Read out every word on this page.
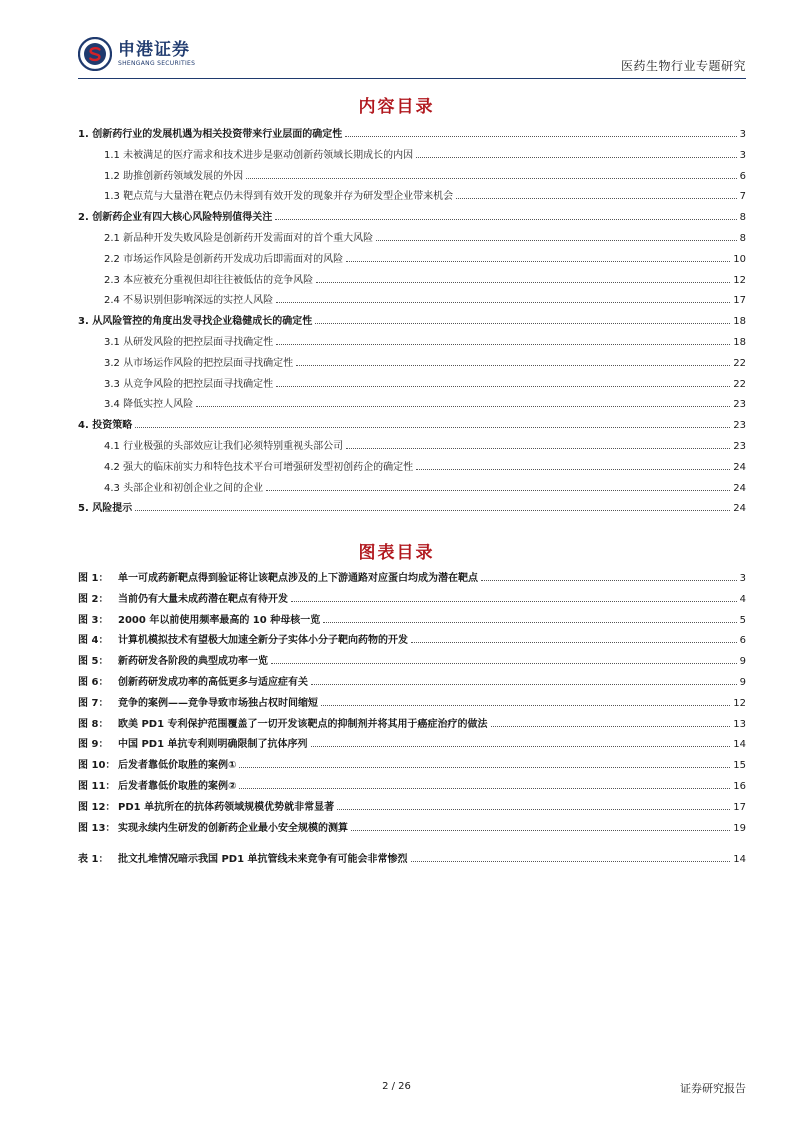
申港证券
SHENGANG SECURITIES	医药生物行业专题研究
内容目录
1. 创新药行业的发展机遇为相关投资带来行业层面的确定性	3
1.1 未被满足的医疗需求和技术进步是驱动创新药领域长期成长的内因	3
1.2 助推创新药领域发展的外因	6
1.3 靶点荒与大量潜在靶点仍未得到有效开发的现象并存为研发型企业带来机会	7
2. 创新药企业有四大核心风险特别值得关注	8
2.1 新品种开发失败风险是创新药开发需面对的首个重大风险	8
2.2 市场运作风险是创新药开发成功后即需面对的风险	10
2.3 本应被充分重视但却往往被低估的竞争风险	12
2.4 不易识别但影响深远的实控人风险	17
3. 从风险管控的角度出发寻找企业稳健成长的确定性	18
3.1 从研发风险的把控层面寻找确定性	18
3.2 从市场运作风险的把控层面寻找确定性	22
3.3 从竞争风险的把控层面寻找确定性	22
3.4 降低实控人风险	23
4. 投资策略	23
4.1 行业极强的头部效应让我们必须特别重视头部公司	23
4.2 强大的临床前实力和特色技术平台可增强研发型初创药企的确定性	24
4.3 头部企业和初创企业之间的企业	24
5. 风险提示	24
图表目录
图 1： 单一可成药新靶点得到验证将让该靶点涉及的上下游通路对应蛋白均成为潜在靶点	3
图 2： 当前仍有大量未成药潜在靶点有待开发	4
图 3： 2000 年以前使用频率最高的 10 种母核一览	5
图 4： 计算机模拟技术有望极大加速全新分子实体小分子靶向药物的开发	6
图 5： 新药研发各阶段的典型成功率一览	9
图 6： 创新药研发成功率的高低更多与适应症有关	9
图 7： 竞争的案例——竞争导致市场独占权时间缩短	12
图 8： 欧美 PD1 专利保护范围覆盖了一切开发该靶点的抑制剂并将其用于癌症治疗的做法	13
图 9： 中国 PD1 单抗专利则明确限制了抗体序列	14
图 10： 后发者靠低价取胜的案例①	15
图 11： 后发者靠低价取胜的案例②	16
图 12： PD1 单抗所在的抗体药领域规模优势就非常显著	17
图 13： 实现永续内生研发的创新药企业最小安全规模的测算	19
表 1： 批文扎堆情况暗示我国 PD1 单抗管线未来竞争有可能会非常惨烈	14
2 / 26	证券研究报告
